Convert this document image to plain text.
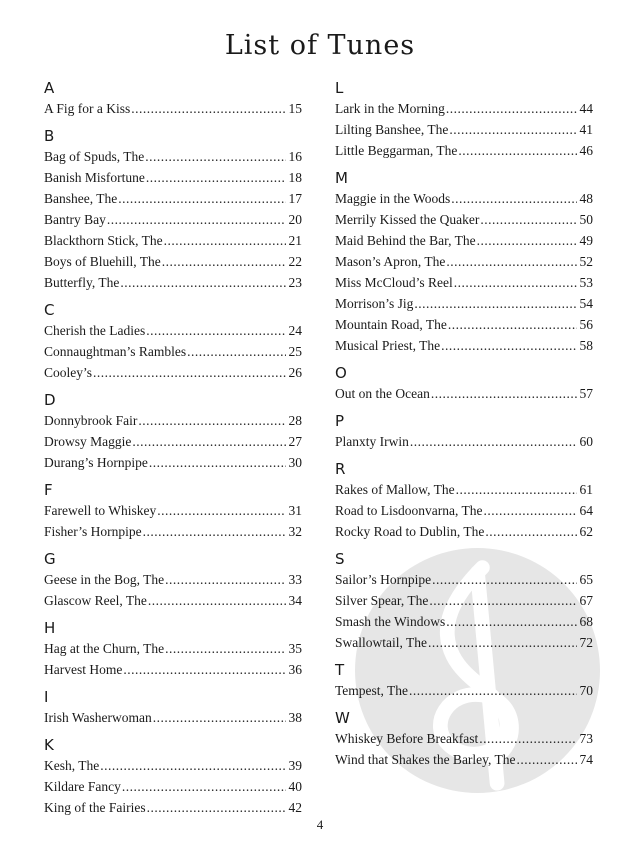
List of Tunes
A
A Fig for a Kiss .....	15
B
Bag of Spuds, The .....	16
Banish Misfortune .....	18
Banshee, The .....	17
Bantry Bay .....	20
Blackthorn Stick, The .....	21
Boys of Bluehill, The .....	22
Butterfly, The .....	23
C
Cherish the Ladies .....	24
Connaughtman’s Rambles .....	25
Cooley’s .....	26
D
Donnybrook Fair .....	28
Drowsy Maggie .....	27
Durang’s Hornpipe .....	30
F
Farewell to Whiskey .....	31
Fisher’s Hornpipe .....	32
G
Geese in the Bog, The .....	33
Glascow Reel, The .....	34
H
Hag at the Churn, The .....	35
Harvest Home .....	36
I
Irish Washerwoman .....	38
K
Kesh, The .....	39
Kildare Fancy .....	40
King of the Fairies .....	42
L
Lark in the Morning .....	44
Lilting Banshee, The .....	41
Little Beggarman, The .....	46
M
Maggie in the Woods .....	48
Merrily Kissed the Quaker .....	50
Maid Behind the Bar, The .....	49
Mason’s Apron, The .....	52
Miss McCloud’s Reel .....	53
Morrison’s Jig .....	54
Mountain Road, The .....	56
Musical Priest, The .....	58
O
Out on the Ocean .....	57
P
Planxty Irwin .....	60
R
Rakes of Mallow, The .....	61
Road to Lisdoonvarna, The .....	64
Rocky Road to Dublin, The .....	62
S
Sailor’s Hornpipe .....	65
Silver Spear, The .....	67
Smash the Windows .....	68
Swallowtail, The .....	72
T
Tempest, The .....	70
W
Whiskey Before Breakfast .....	73
Wind that Shakes the Barley, The .....	74
4
